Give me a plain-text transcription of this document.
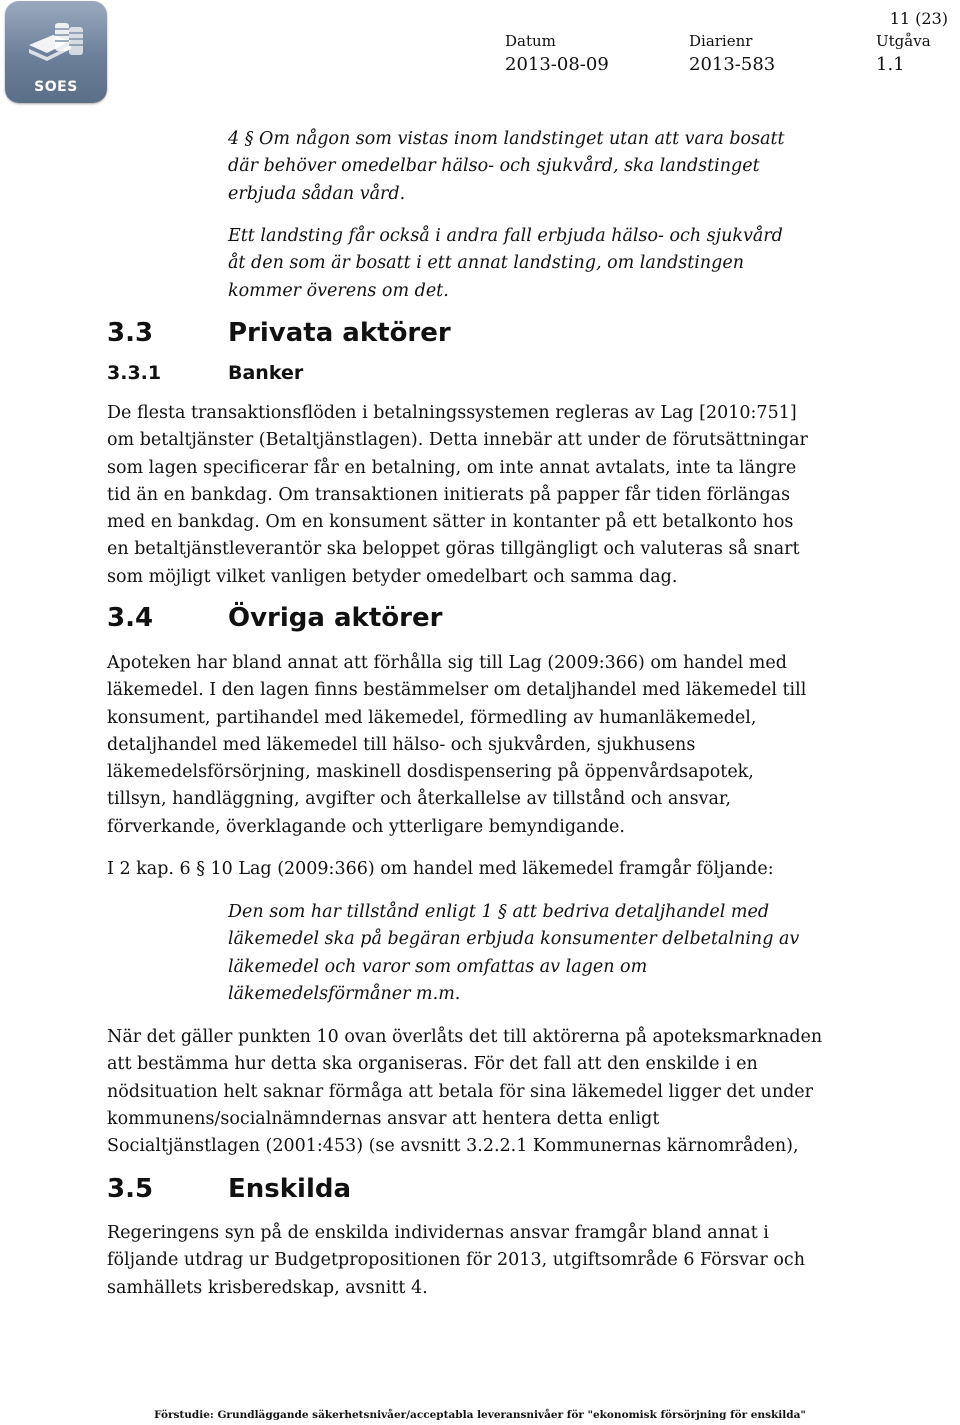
SOES
11 (23)
Datum
2013-08-09
Diarienr
2013-583
Utgåva
1.1
4 § Om någon som vistas inom landstinget utan att vara bosatt
där behöver omedelbar hälso- och sjukvård, ska landstinget
erbjuda sådan vård.
Ett landsting får också i andra fall erbjuda hälso- och sjukvård
åt den som är bosatt i ett annat landsting, om landstingen
kommer överens om det.
3.3	Privata aktörer
3.3.1	Banker
De flesta transaktionsflöden i betalningssystemen regleras av Lag [2010:751]
om betaltjänster (Betaltjänstlagen). Detta innebär att under de förutsättningar
som lagen specificerar får en betalning, om inte annat avtalats, inte ta längre
tid än en bankdag. Om transaktionen initierats på papper får tiden förlängas
med en bankdag. Om en konsument sätter in kontanter på ett betalkonto hos
en betaltjänstleverantör ska beloppet göras tillgängligt och valuteras så snart
som möjligt vilket vanligen betyder omedelbart och samma dag.
3.4	Övriga aktörer
Apoteken har bland annat att förhålla sig till Lag (2009:366) om handel med
läkemedel. I den lagen finns bestämmelser om detaljhandel med läkemedel till
konsument, partihandel med läkemedel, förmedling av humanläkemedel,
detaljhandel med läkemedel till hälso- och sjukvården, sjukhusens
läkemedelsförsörjning, maskinell dosdispensering på öppenvårdsapotek,
tillsyn, handläggning, avgifter och återkallelse av tillstånd och ansvar,
förverkande, överklagande och ytterligare bemyndigande.
I 2 kap. 6 § 10 Lag (2009:366) om handel med läkemedel framgår följande:
Den som har tillstånd enligt 1 § att bedriva detaljhandel med
läkemedel ska på begäran erbjuda konsumenter delbetalning av
läkemedel och varor som omfattas av lagen om
läkemedelsförmåner m.m.
När det gäller punkten 10 ovan överlåts det till aktörerna på apoteksmarknaden
att bestämma hur detta ska organiseras. För det fall att den enskilde i en
nödsituation helt saknar förmåga att betala för sina läkemedel ligger det under
kommunens/socialnämndernas ansvar att hentera detta enligt
Socialtjänstlagen (2001:453) (se avsnitt 3.2.2.1 Kommunernas kärnområden),
3.5	Enskilda
Regeringens syn på de enskilda individernas ansvar framgår bland annat i
följande utdrag ur Budgetpropositionen för 2013, utgiftsområde 6 Försvar och
samhällets krisberedskap, avsnitt 4.
Förstudie: Grundläggande säkerhetsnivåer/acceptabla leveransnivåer för "ekonomisk försörjning för enskilda"
